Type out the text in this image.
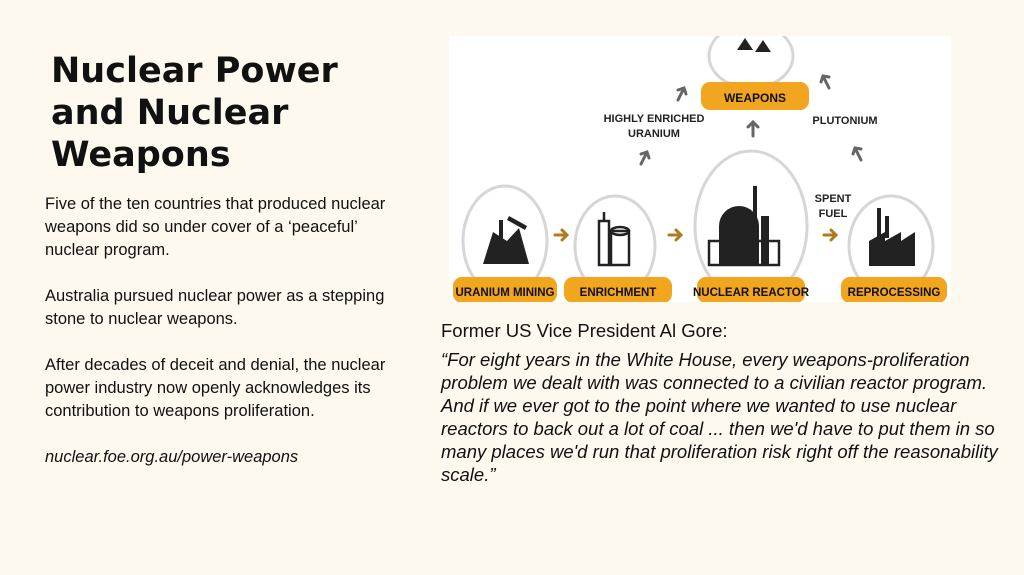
Nuclear Power and Nuclear Weapons

Five of the ten countries that produced nuclear weapons did so under cover of a ‘peaceful’ nuclear program.

Australia pursued nuclear power as a stepping stone to nuclear weapons.

After decades of deceit and denial, the nuclear power industry now openly acknowledges its contribution to weapons proliferation.

nuclear.foe.org.au/power-weapons

URANIUM MINING ENRICHMENT	NUCLEAR REACTOR	REPROCESSING
WEAPONS
HIGHLY ENRICHED
URANIUM
PLUTONIUM
SPENT
FUEL

Former US Vice President Al Gore:

“For eight years in the White House, every weapons-proliferation problem we dealt with was connected to a civilian reactor program. And if we ever got to the point where we wanted to use nuclear reactors to back out a lot of coal ... then we'd have to put them in so many places we'd run that proliferation risk right off the reasonability scale.”
